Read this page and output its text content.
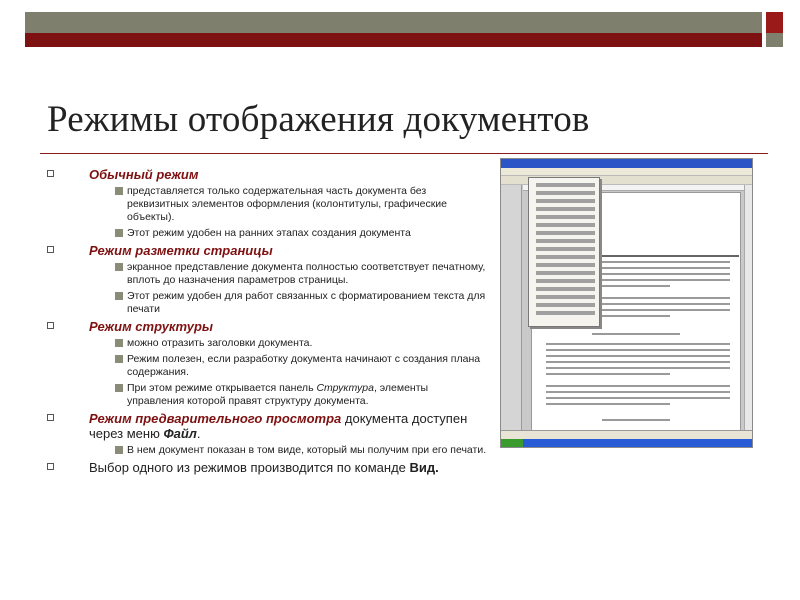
Режимы отображения документов
Обычный режим
представляется только содержательная часть документа без реквизитных элементов оформления (колонтитулы, графические объекты).
Этот режим удобен на ранних этапах создания документа
Режим разметки страницы
экранное представление документа полностью соответствует печатному, вплоть до назначения параметров страницы.
Этот режим удобен для работ связанных с форматированием текста для печати
Режим структуры
можно отразить заголовки документа.
Режим полезен, если разработку документа начинают с создания плана содержания.
При этом режиме открывается панель Структура, элементы управления которой правят структуру документа.
Режим предварительного просмотра документа доступен через меню Файл.
В нем документ показан в том виде, который мы получим при его печати.
Выбор одного из режимов производится по команде Вид.
